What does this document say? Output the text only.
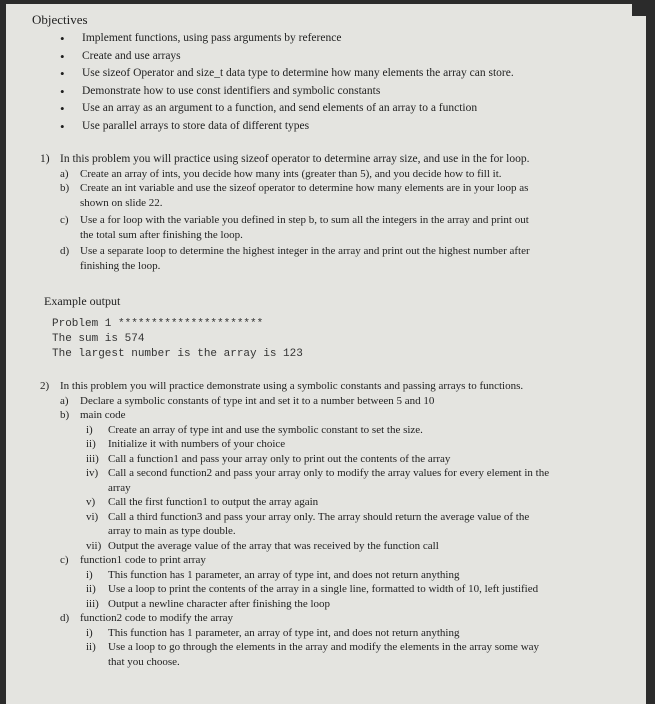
Objectives
• Implement functions, using pass arguments by reference
• Create and use arrays
• Use sizeof Operator and size_t data type to determine how many elements the array can store.
• Demonstrate how to use const identifiers and symbolic constants
• Use an array as an argument to a function, and send elements of an array to a function
• Use parallel arrays to store data of different types
1) In this problem you will practice using sizeof operator to determine array size, and use in the for loop.
a) Create an array of ints, you decide how many ints (greater than 5), and you decide how to fill it.
b) Create an int variable and use the sizeof operator to determine how many elements are in your loop as
shown on slide 22.
c) Use a for loop with the variable you defined in step b, to sum all the integers in the array and print out
the total sum after finishing the loop.
d) Use a separate loop to determine the highest integer in the array and print out the highest number after
finishing the loop.
Example output
Problem 1 **********************
The sum is 574
The largest number is the array is 123
2) In this problem you will practice demonstrate using a symbolic constants and passing arrays to functions.
a) Declare a symbolic constants of type int and set it to a number between 5 and 10
b) main code
i) Create an array of type int and use the symbolic constant to set the size.
ii) Initialize it with numbers of your choice
iii) Call a function1 and pass your array only to print out the contents of the array
iv) Call a second function2 and pass your array only to modify the array values for every element in the
array
v) Call the first function1 to output the array again
vi) Call a third function3 and pass your array only. The array should return the average value of the
array to main as type double.
vii) Output the average value of the array that was received by the function call
c) function1 code to print array
i) This function has 1 parameter, an array of type int, and does not return anything
ii) Use a loop to print the contents of the array in a single line, formatted to width of 10, left justified
iii) Output a newline character after finishing the loop
d) function2 code to modify the array
i) This function has 1 parameter, an array of type int, and does not return anything
ii) Use a loop to go through the elements in the array and modify the elements in the array some way
that you choose.
